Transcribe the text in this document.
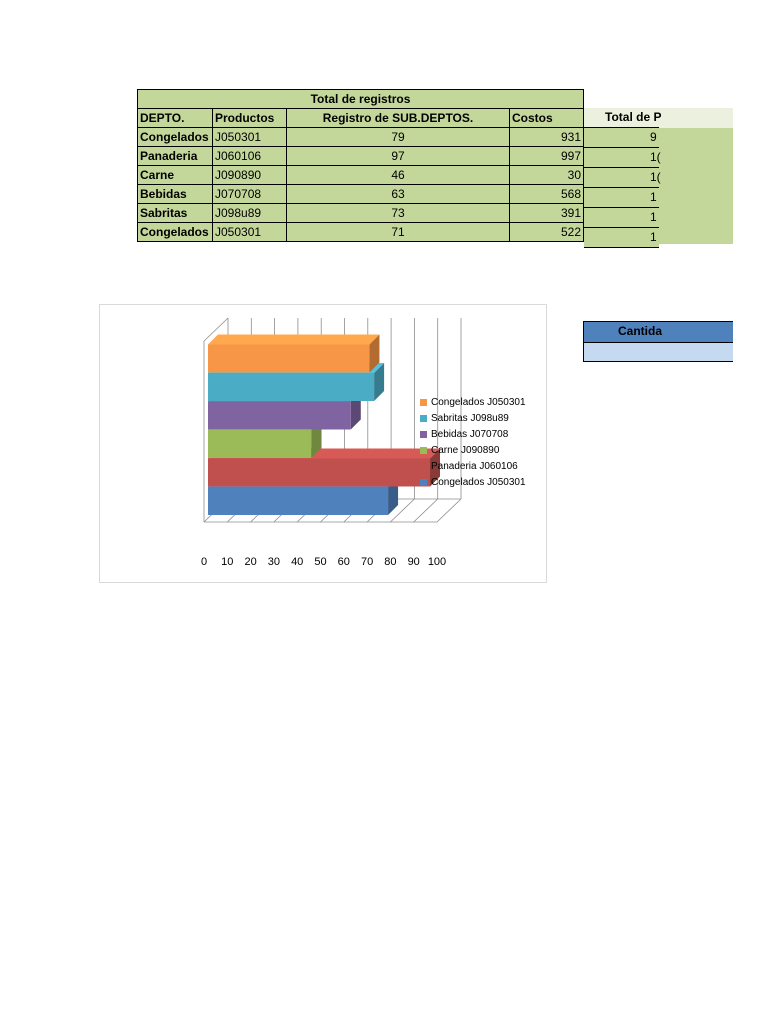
Total de registros			
DEPTO.	Productos	Registro de SUB.DEPTOS.	Costos
Congelados	J050301	79	931
Panaderia	J060106	97	997
Carne	J090890	46	30
Bebidas	J070708	63	568
Sabritas	J098u89	73	391
Congelados	J050301	71	522
Total de P
9
1(
1(
1
1
1
0 10 20 30 40 50 60 70 80 90 100
Congelados J050301
Sabritas J098u89
Bebidas J070708
Carne J090890
Panaderia J060106
Congelados J050301
Cantida
